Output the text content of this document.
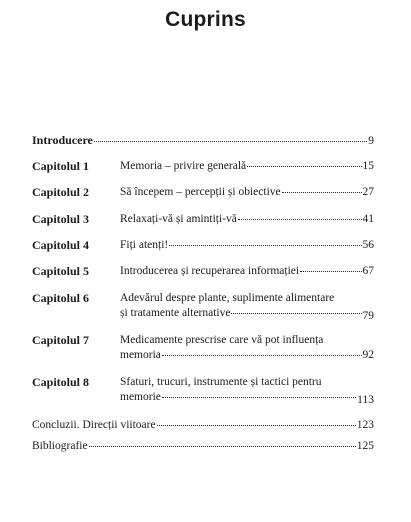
Cuprins
Introducere	9
Capitolul 1	Memoria – privire generală	15
Capitolul 2	Să începem – percepții și obiective	27
Capitolul 3	Relaxați-vă și amintiți-vă	41
Capitolul 4	Fiți atenți!	56
Capitolul 5	Introducerea și recuperarea informației	67
Capitolul 6	Adevărul despre plante, suplimente alimentare
și tratamente alternative	79
Capitolul 7	Medicamente prescrise care vă pot influența
memoria	92
Capitolul 8	Sfaturi, trucuri, instrumente și tactici pentru
memorie	113
Concluzii. Direcții viitoare	123
Bibliografie	125
